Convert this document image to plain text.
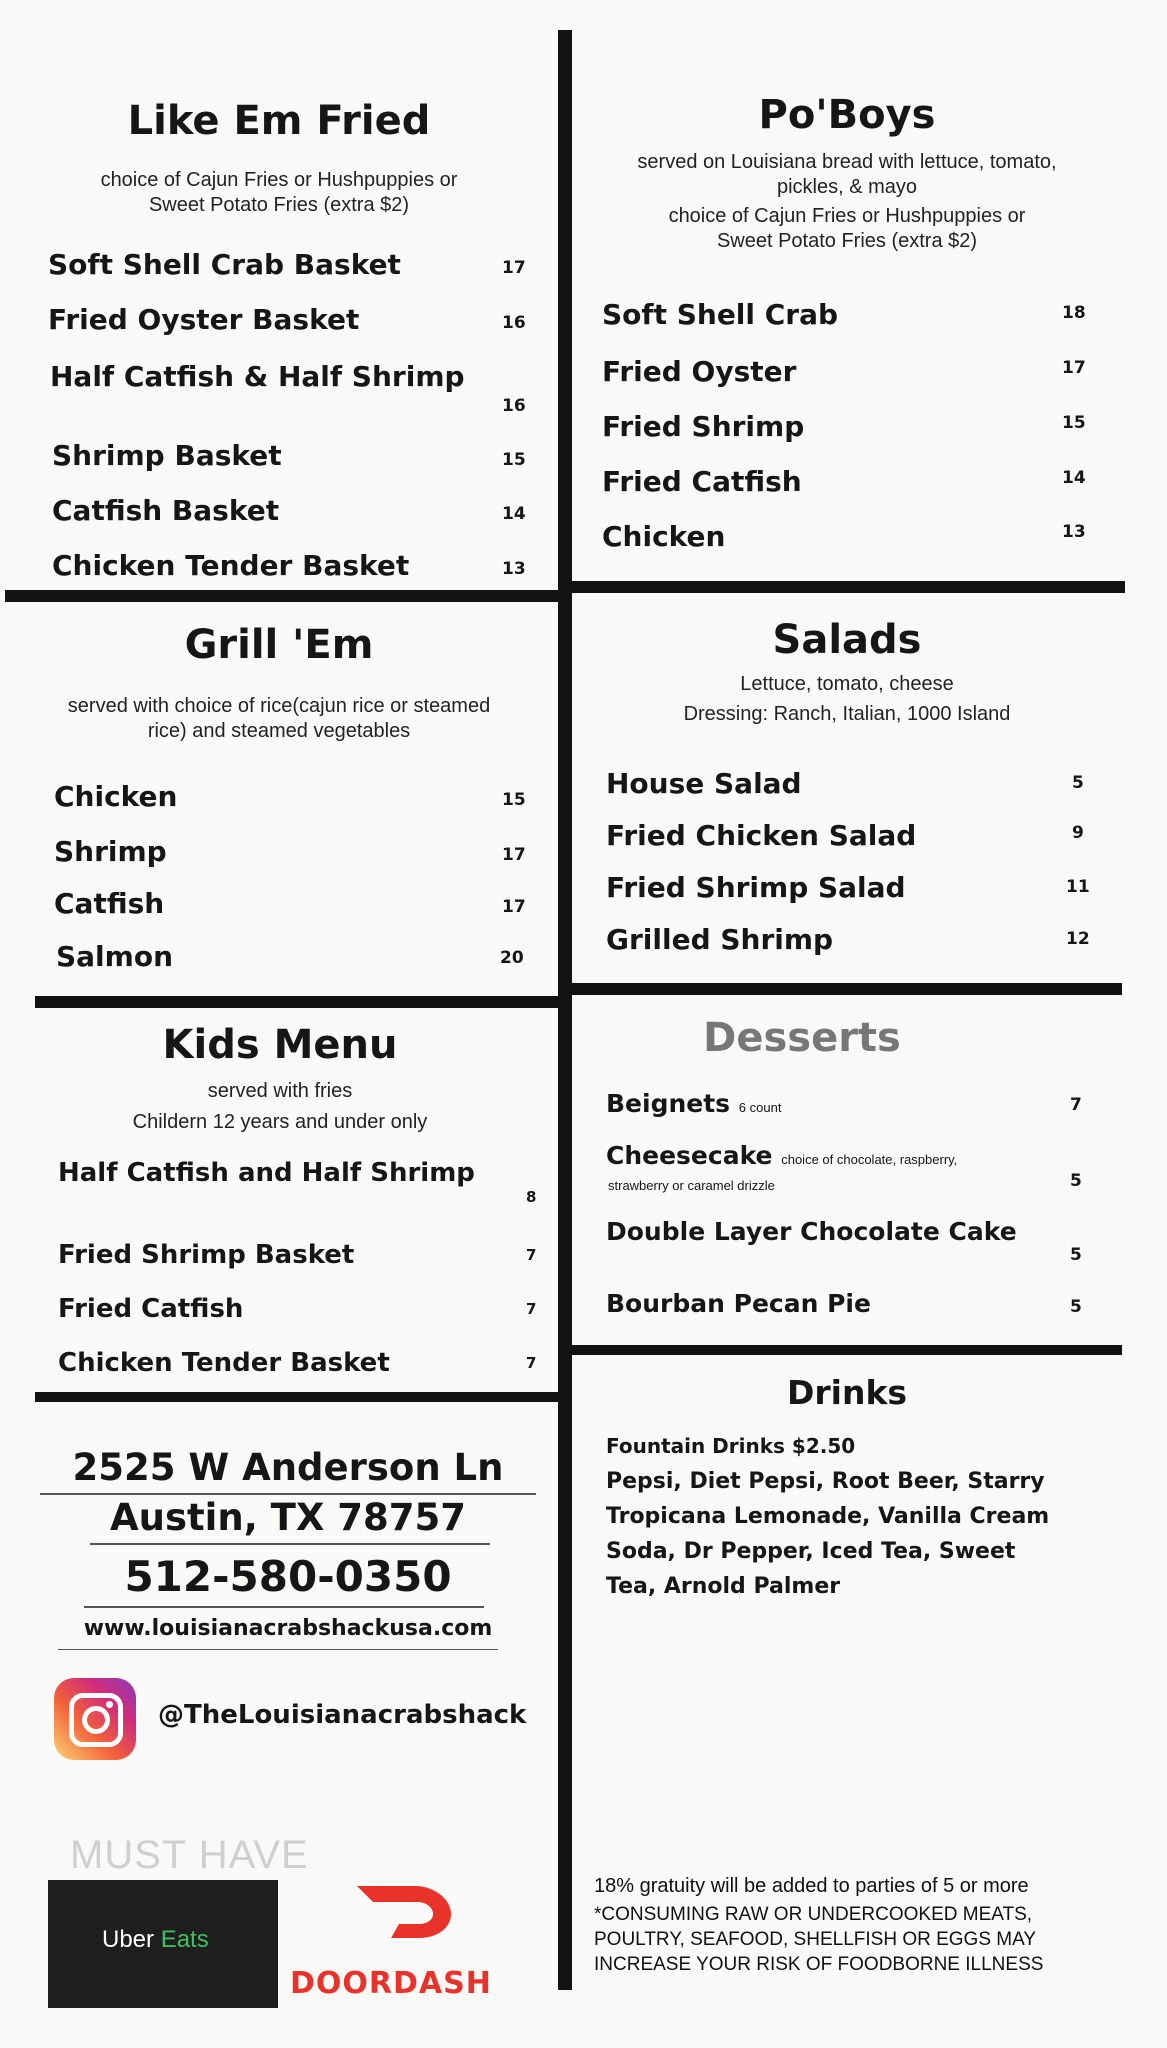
Like Em Fried
choice of Cajun Fries or Hushpuppies or
Sweet Potato Fries (extra $2)
Soft Shell Crab Basket	17
Fried Oyster Basket	16
Half Catfish & Half Shrimp
16
Shrimp Basket	15
Catfish Basket	14
Chicken Tender Basket	13
Po'Boys
served on Louisiana bread with lettuce, tomato,
pickles, & mayo
choice of Cajun Fries or Hushpuppies or
Sweet Potato Fries (extra $2)
Soft Shell Crab	18
Fried Oyster	17
Fried Shrimp	15
Fried Catfish	14
Chicken	13
Grill 'Em
served with choice of rice(cajun rice or steamed
rice) and steamed vegetables
Chicken	15
Shrimp	17
Catfish	17
Salmon	20
Salads
Lettuce, tomato, cheese
Dressing: Ranch, Italian, 1000 Island
House Salad	5
Fried Chicken Salad	9
Fried Shrimp Salad	11
Grilled Shrimp	12
Kids Menu
served with fries
Childern 12 years and under only
Half Catfish and Half Shrimp
8
Fried Shrimp Basket	7
Fried Catfish	7
Chicken Tender Basket	7
Desserts
Beignets 6 count	7
Cheesecake choice of chocolate, raspberry,
strawberry or caramel drizzle	5
Double Layer Chocolate Cake
5
Bourban Pecan Pie	5
Drinks
Fountain Drinks $2.50
Pepsi, Diet Pepsi, Root Beer, Starry
Tropicana Lemonade, Vanilla Cream
Soda, Dr Pepper, Iced Tea, Sweet
Tea, Arnold Palmer
2525 W Anderson Ln
Austin, TX 78757
512-580-0350
www.louisianacrabshackusa.com
@TheLouisianacrabshack
MUST HAVE
Uber Eats
DOORDASH
18% gratuity will be added to parties of 5 or more
*CONSUMING RAW OR UNDERCOOKED MEATS,
POULTRY, SEAFOOD, SHELLFISH OR EGGS MAY
INCREASE YOUR RISK OF FOODBORNE ILLNESS
